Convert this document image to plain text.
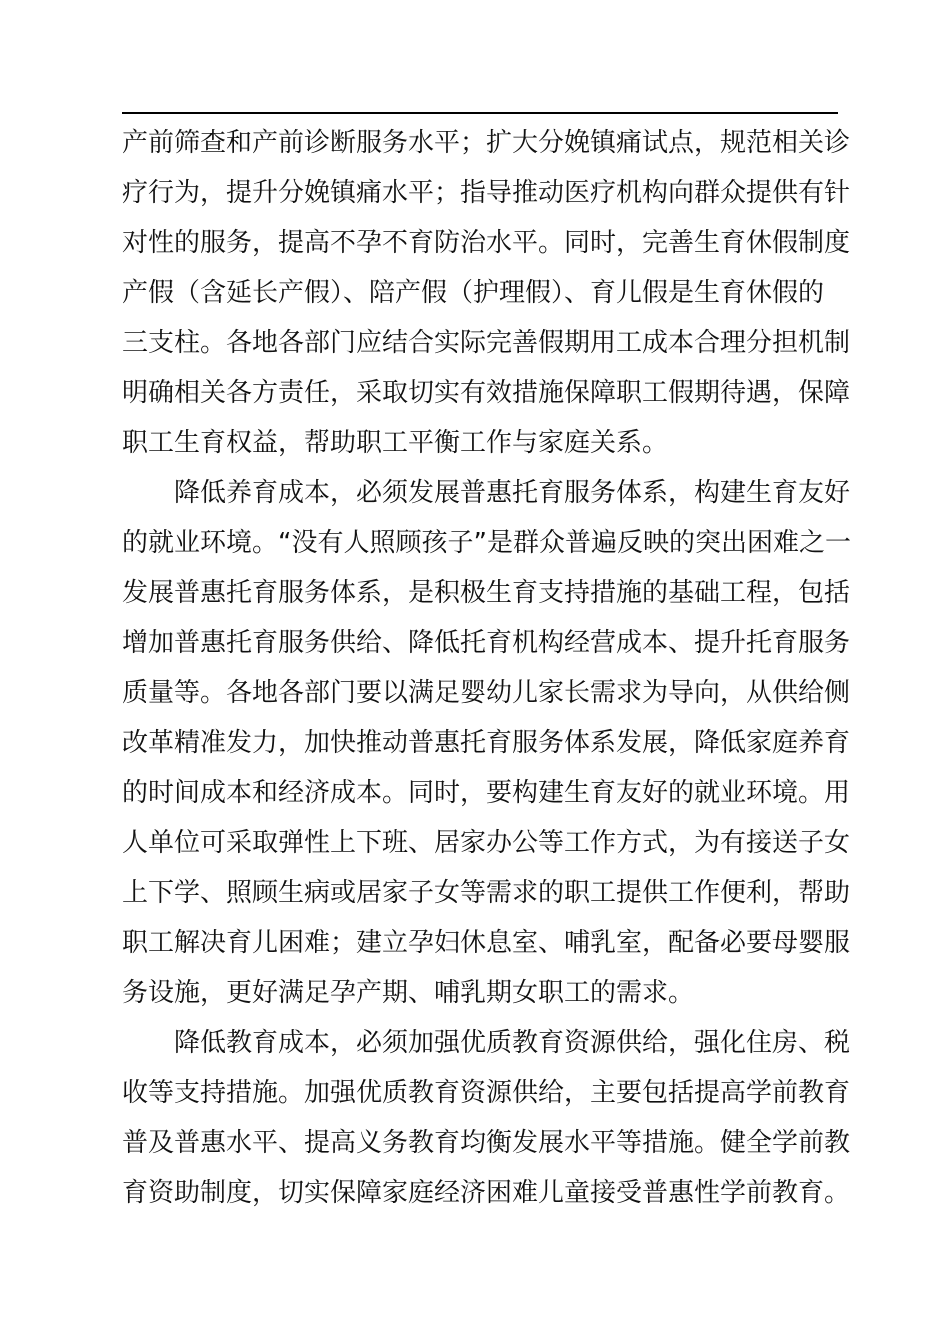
产前筛查和产前诊断服务水平；扩大分娩镇痛试点，规范相关诊
疗行为，提升分娩镇痛水平；指导推动医疗机构向群众提供有针
对性的服务，提高不孕不育防治水平。同时，完善生育休假制度
产假（含延长产假）、陪产假（护理假）、育儿假是生育休假的
三支柱。各地各部门应结合实际完善假期用工成本合理分担机制
明确相关各方责任，采取切实有效措施保障职工假期待遇，保障
职工生育权益，帮助职工平衡工作与家庭关系。
降低养育成本，必须发展普惠托育服务体系，构建生育友好
的就业环境。“没有人照顾孩子”是群众普遍反映的突出困难之一
发展普惠托育服务体系，是积极生育支持措施的基础工程，包括
增加普惠托育服务供给、降低托育机构经营成本、提升托育服务
质量等。各地各部门要以满足婴幼儿家长需求为导向，从供给侧
改革精准发力，加快推动普惠托育服务体系发展，降低家庭养育
的时间成本和经济成本。同时，要构建生育友好的就业环境。用
人单位可采取弹性上下班、居家办公等工作方式，为有接送子女
上下学、照顾生病或居家子女等需求的职工提供工作便利，帮助
职工解决育儿困难；建立孕妇休息室、哺乳室，配备必要母婴服
务设施，更好满足孕产期、哺乳期女职工的需求。
降低教育成本，必须加强优质教育资源供给，强化住房、税
收等支持措施。加强优质教育资源供给，主要包括提高学前教育
普及普惠水平、提高义务教育均衡发展水平等措施。健全学前教
育资助制度，切实保障家庭经济困难儿童接受普惠性学前教育。
